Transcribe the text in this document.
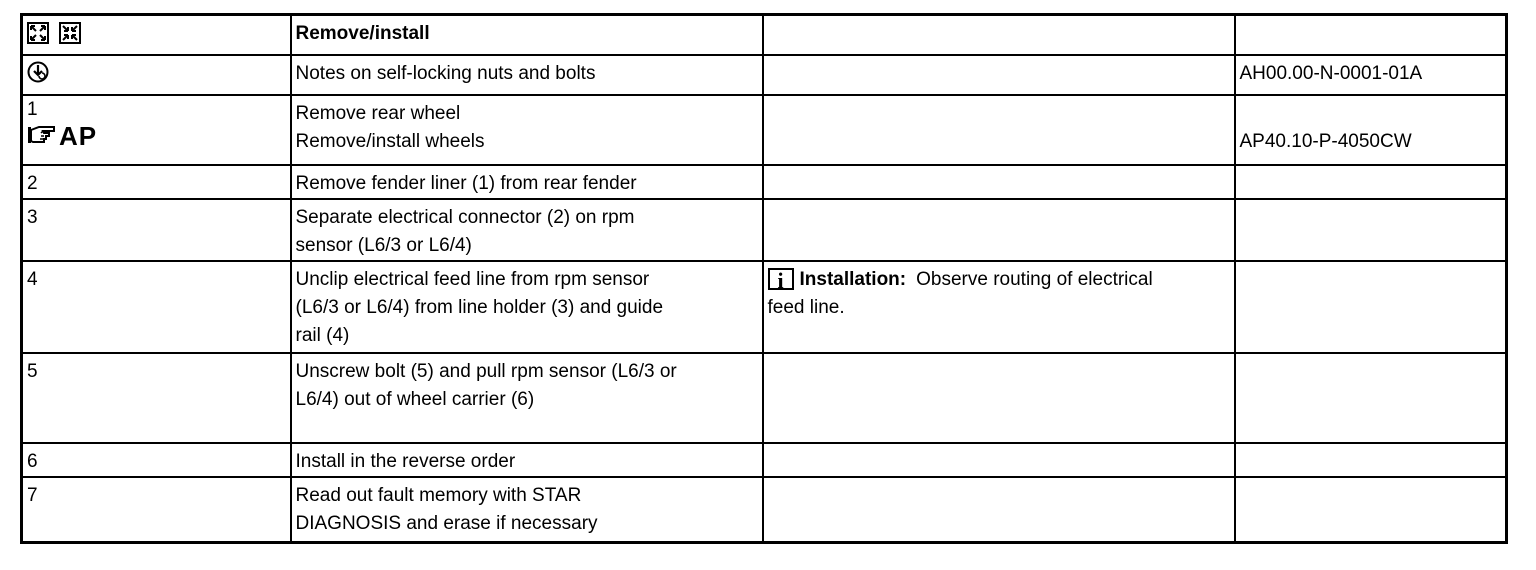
	Remove/install		
	Notes on self-locking nuts and bolts		AH00.00-N-0001-01A

1
AP	Remove rear wheel
Remove/install wheels		AP40.10-P-4050CW

2	Remove fender liner (1) from rear fender		
3	Separate electrical connector (2) on rpm
sensor (L6/3 or L6/4)		

4	Unclip electrical feed line from rpm sensor
(L6/3 or L6/4) from line holder (3) and guide
rail (4)	i Installation: Observe routing of electrical
feed line.	

5	Unscrew bolt (5) and pull rpm sensor (L6/3 or
L6/4) out of wheel carrier (6)		

6	Install in the reverse order		
7	Read out fault memory with STAR
DIAGNOSIS and erase if necessary		
